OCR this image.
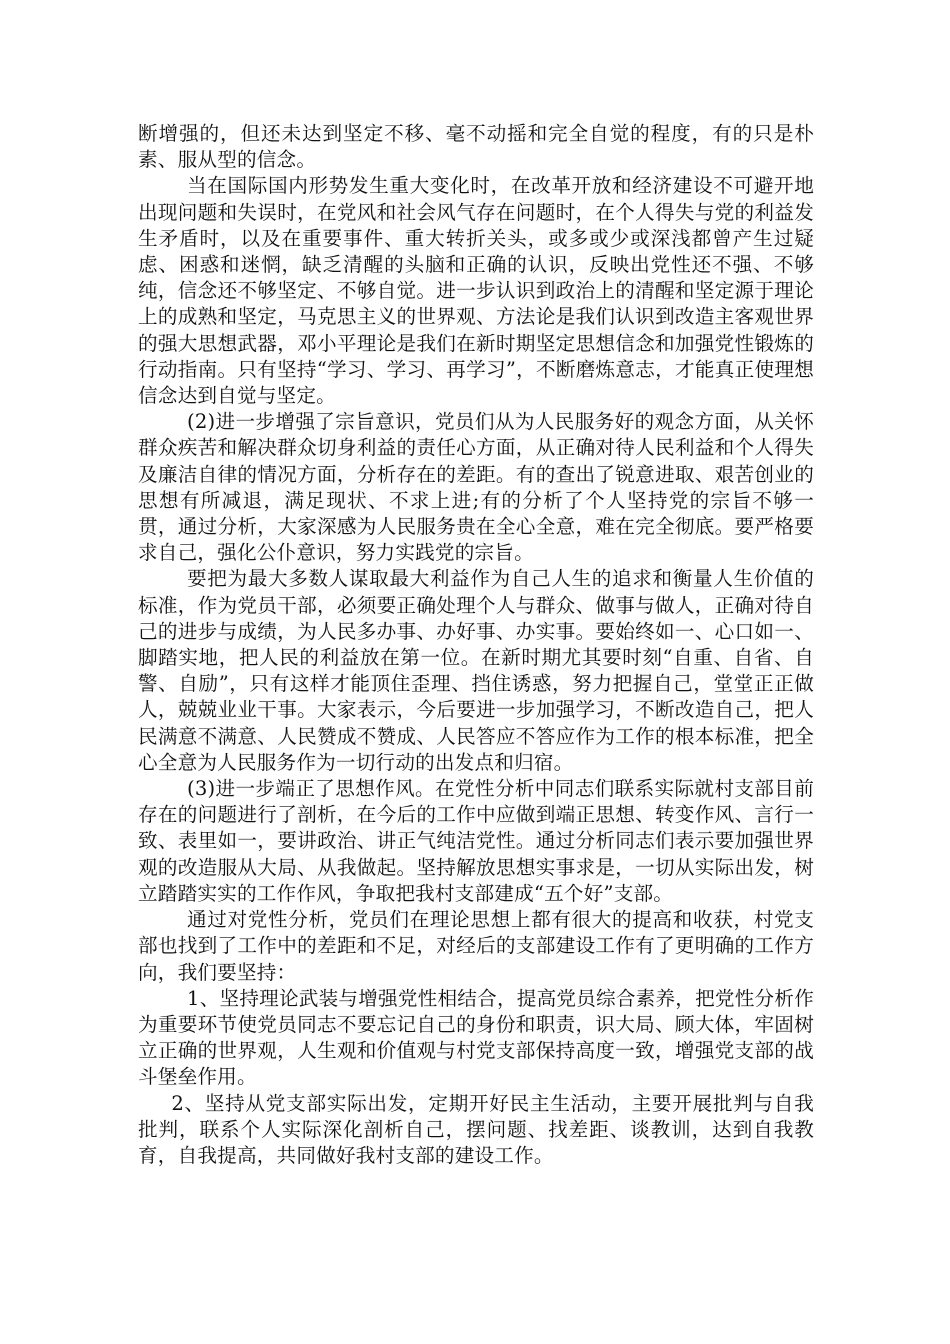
断增强的，但还未达到坚定不移、毫不动摇和完全自觉的程度，有的只是朴素、服从型的信念。

当在国际国内形势发生重大变化时，在改革开放和经济建设不可避开地出现问题和失误时，在党风和社会风气存在问题时，在个人得失与党的利益发生矛盾时，以及在重要事件、重大转折关头，或多或少或深浅都曾产生过疑虑、困惑和迷惘，缺乏清醒的头脑和正确的认识，反映出党性还不强、不够纯，信念还不够坚定、不够自觉。进一步认识到政治上的清醒和坚定源于理论上的成熟和坚定，马克思主义的世界观、方法论是我们认识到改造主客观世界的强大思想武器，邓小平理论是我们在新时期坚定思想信念和加强党性锻炼的行动指南。只有坚持“学习、学习、再学习”，不断磨炼意志，才能真正使理想信念达到自觉与坚定。

(2)进一步增强了宗旨意识，党员们从为人民服务好的观念方面，从关怀群众疾苦和解决群众切身利益的责任心方面，从正确对待人民利益和个人得失及廉洁自律的情况方面，分析存在的差距。有的查出了锐意进取、艰苦创业的思想有所减退，满足现状、不求上进;有的分析了个人坚持党的宗旨不够一贯，通过分析，大家深感为人民服务贵在全心全意，难在完全彻底。要严格要求自己，强化公仆意识，努力实践党的宗旨。

要把为最大多数人谋取最大利益作为自己人生的追求和衡量人生价值的标准，作为党员干部，必须要正确处理个人与群众、做事与做人，正确对待自己的进步与成绩，为人民多办事、办好事、办实事。要始终如一、心口如一、脚踏实地，把人民的利益放在第一位。在新时期尤其要时刻“自重、自省、自警、自励”，只有这样才能顶住歪理、挡住诱惑，努力把握自己，堂堂正正做人，兢兢业业干事。大家表示，今后要进一步加强学习，不断改造自己，把人民满意不满意、人民赞成不赞成、人民答应不答应作为工作的根本标准，把全心全意为人民服务作为一切行动的出发点和归宿。

(3)进一步端正了思想作风。在党性分析中同志们联系实际就村支部目前存在的问题进行了剖析，在今后的工作中应做到端正思想、转变作风、言行一致、表里如一，要讲政治、讲正气纯洁党性。通过分析同志们表示要加强世界观的改造服从大局、从我做起。坚持解放思想实事求是，一切从实际出发，树立踏踏实实的工作作风，争取把我村支部建成“五个好”支部。

通过对党性分析，党员们在理论思想上都有很大的提高和收获，村党支部也找到了工作中的差距和不足，对经后的支部建设工作有了更明确的工作方向，我们要坚持：

1、坚持理论武装与增强党性相结合，提高党员综合素养，把党性分析作为重要环节使党员同志不要忘记自己的身份和职责，识大局、顾大体，牢固树立正确的世界观，人生观和价值观与村党支部保持高度一致，增强党支部的战斗堡垒作用。

2、坚持从党支部实际出发，定期开好民主生活动，主要开展批判与自我批判，联系个人实际深化剖析自己，摆问题、找差距、谈教训，达到自我教育，自我提高，共同做好我村支部的建设工作。
